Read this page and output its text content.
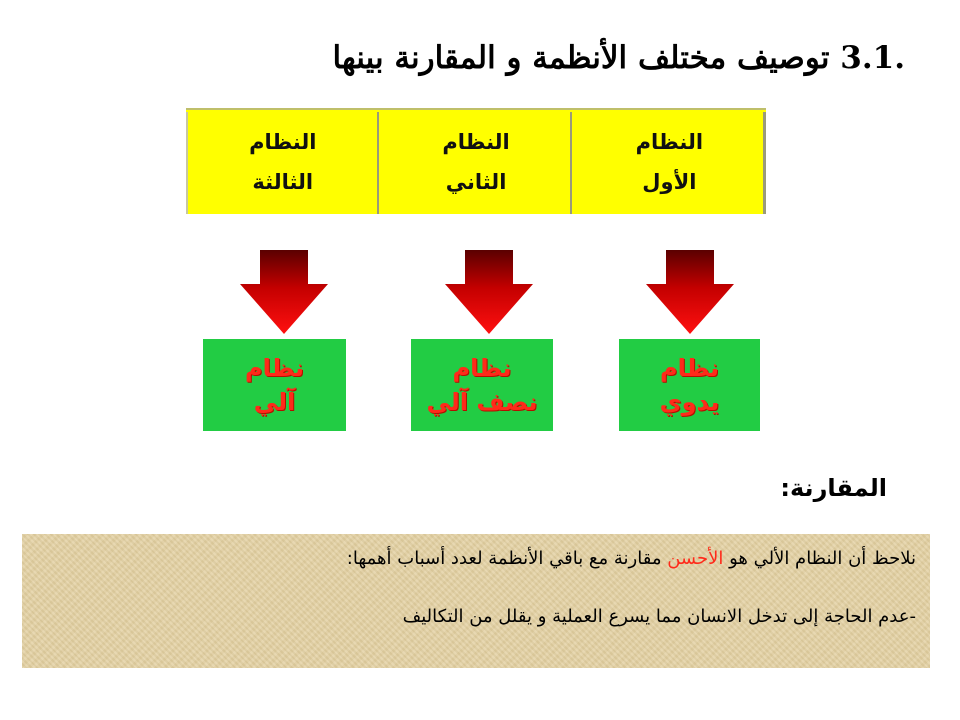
.3.1 توصيف مختلف الأنظمة و المقارنة بينها
النظام
الأول
النظام
الثاني
النظام
الثالثة
نظام
يدوي
نظام
نصف آلي
نظام
آلي
المقارنة:
نلاحظ أن النظام الألي هو الأحسن مقارنة مع باقي الأنظمة لعدد أسباب أهمها:
-عدم الحاجة إلى تدخل الانسان مما يسرع العملية و يقلل من التكاليف
